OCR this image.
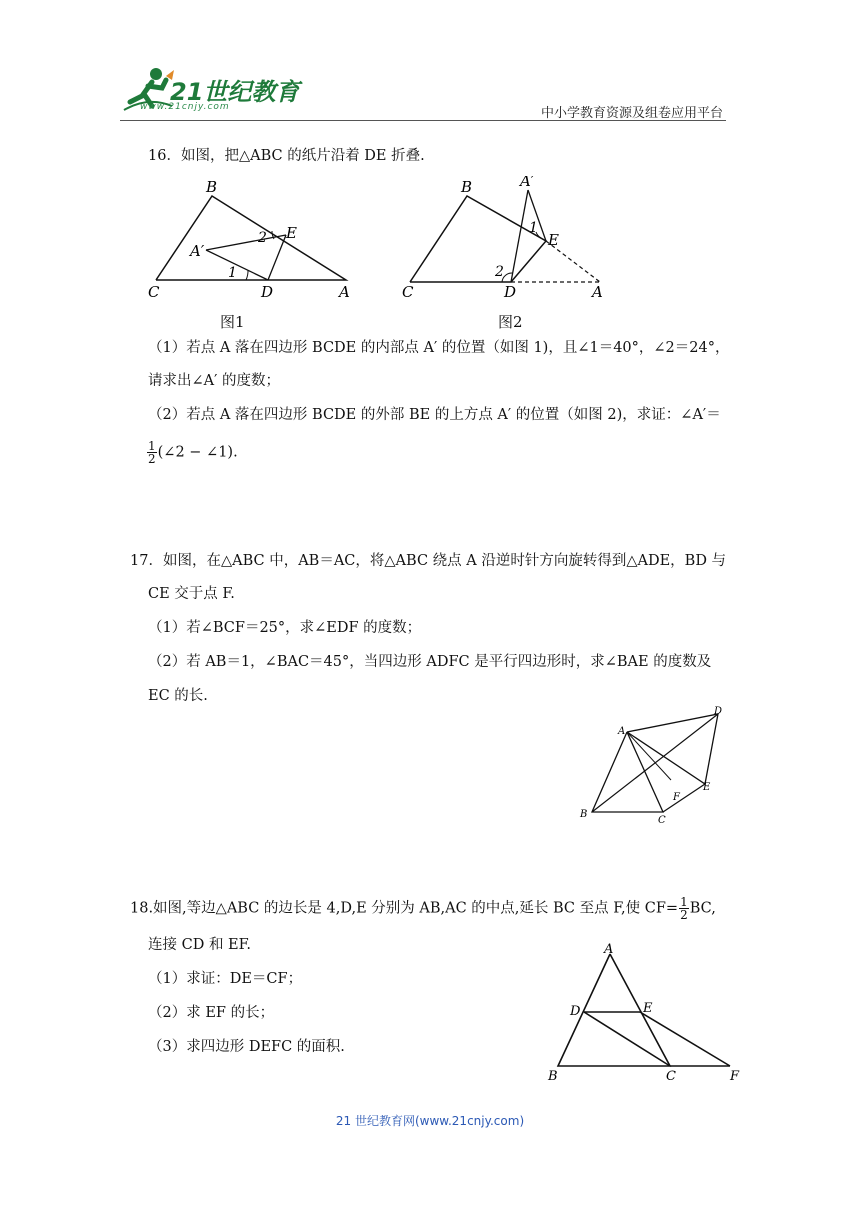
21世纪教育
www.21cnjy.com	中小学教育资源及组卷应用平台
16．如图，把△ABC 的纸片沿着 DE 折叠.
B
E
A′
2
1
C	D	A
B	A′
1
E
2
C	D	A
图1	图2
（1）若点 A 落在四边形 BCDE 的内部点 A′ 的位置（如图 1)，且∠1＝40°，∠2＝24°，
请求出∠A′ 的度数；
（2）若点 A 落在四边形 BCDE 的外部 BE 的上方点 A′ 的位置（如图 2)，求证：∠A′＝
$\frac{1}{2}$ (∠2 − ∠1).
17．如图，在△ABC 中，AB＝AC，将△ABC 绕点 A 沿逆时针方向旋转得到△ADE，BD 与
CE 交于点 F.
（1）若∠BCF＝25°，求∠EDF 的度数；
（2）若 AB＝1，∠BAC＝45°，当四边形 ADFC 是平行四边形时，求∠BAE 的度数及
EC 的长.
A
D
E
F
B
C
18.如图,等边△ABC 的边长是 4,D,E 分别为 AB,AC 的中点,延长 BC 至点 F,使 $CF= \frac{1}{2}$ BC,
连接 CD 和 EF.
（1）求证：DE＝CF；
（2）求 EF 的长；
（3）求四边形 DEFC 的面积.
A
D	E
B	C	F
21 世纪教育网(www.21cnjy.com)
